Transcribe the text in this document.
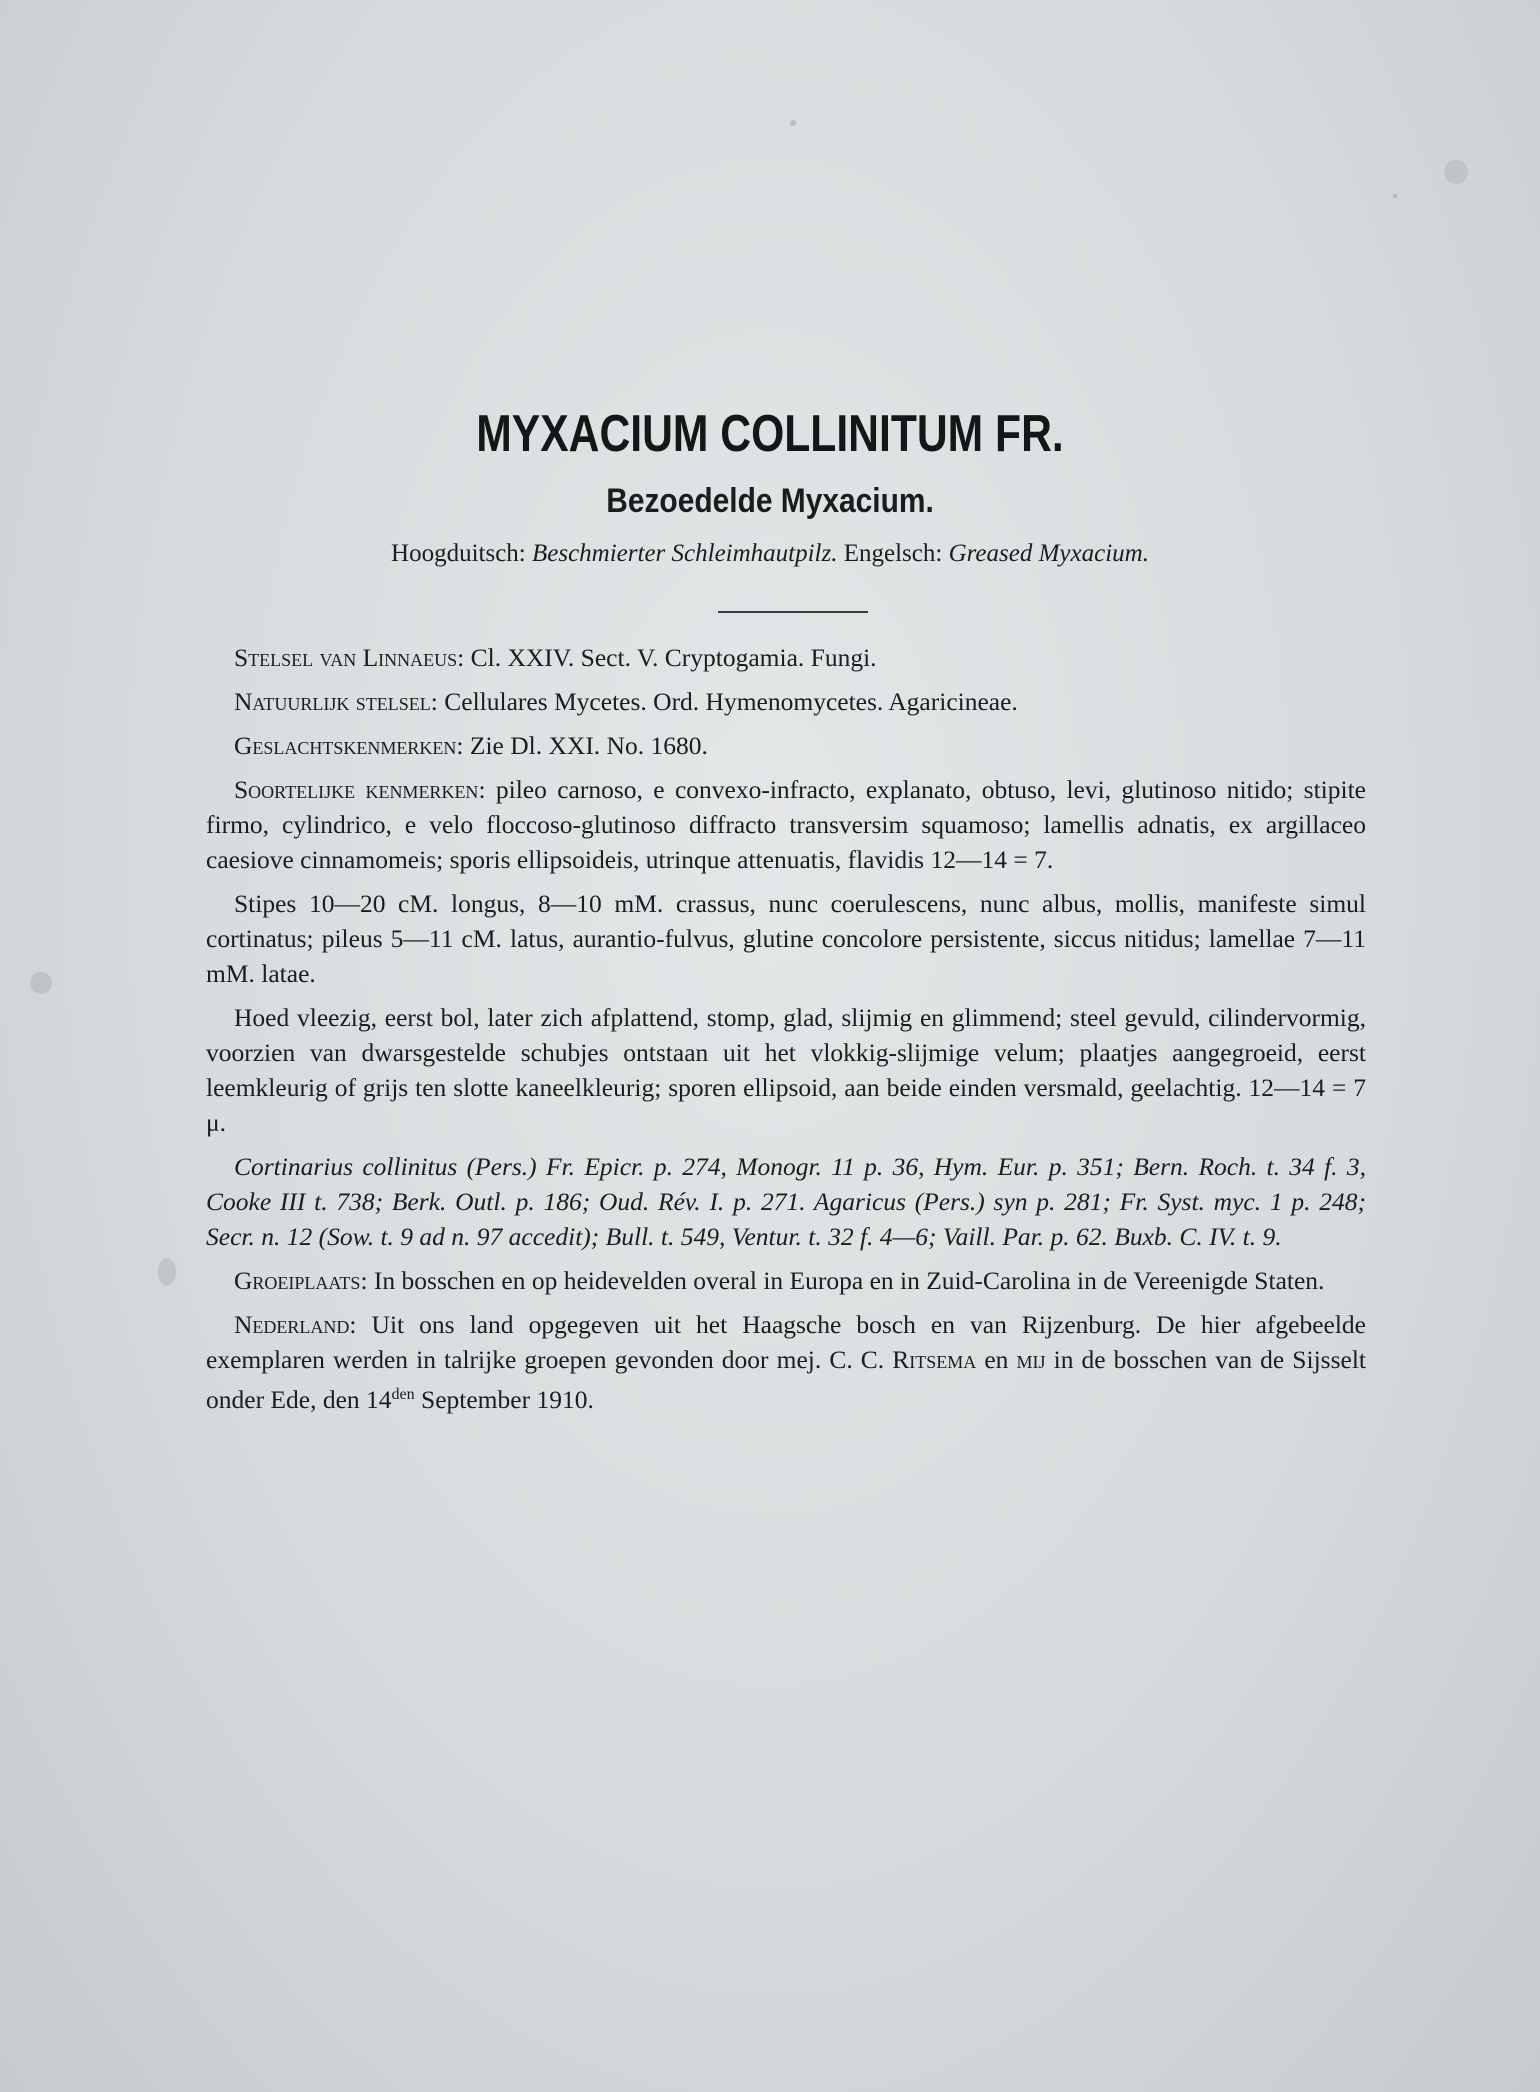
MYXACIUM COLLINITUM FR.
Bezoedelde Myxacium.
Hoogduitsch: Beschmierter Schleimhautpilz. Engelsch: Greased Myxacium.

Stelsel van Linnaeus: Cl. XXIV. Sect. V. Cryptogamia. Fungi.

Natuurlijk stelsel: Cellulares Mycetes. Ord. Hymenomycetes. Agaricineae.

Geslachtskenmerken: Zie Dl. XXI. No. 1680.

Soortelijke kenmerken: pileo carnoso, e convexo-infracto, explanato, obtuso, levi, glutinoso nitido; stipite firmo, cylindrico, e velo floccoso-glutinoso diffracto transversim squamoso; lamellis adnatis, ex argillaceo caesiove cinnamomeis; sporis ellipsoideis, utrinque attenuatis, flavidis 12—14 = 7.

Stipes 10—20 cM. longus, 8—10 mM. crassus, nunc coerulescens, nunc albus, mollis, manifeste simul cortinatus; pileus 5—11 cM. latus, aurantio-fulvus, glutine concolore persistente, siccus nitidus; lamellae 7—11 mM. latae.

Hoed vleezig, eerst bol, later zich afplattend, stomp, glad, slijmig en glimmend; steel gevuld, cilindervormig, voorzien van dwarsgestelde schubjes ontstaan uit het vlokkig-slijmige velum; plaatjes aangegroeid, eerst leemkleurig of grijs ten slotte kaneelkleurig; sporen ellipsoid, aan beide einden versmald, geelachtig. 12—14 = 7 μ.

Cortinarius collinitus (Pers.) Fr. Epicr. p. 274, Monogr. 11 p. 36, Hym. Eur. p. 351; Bern. Roch. t. 34 f. 3, Cooke III t. 738; Berk. Outl. p. 186; Oud. Rév. I. p. 271. Agaricus (Pers.) syn p. 281; Fr. Syst. myc. 1 p. 248; Secr. n. 12 (Sow. t. 9 ad n. 97 accedit); Bull. t. 549, Ventur. t. 32 f. 4—6; Vaill. Par. p. 62. Buxb. C. IV. t. 9.

Groeiplaats: In bosschen en op heidevelden overal in Europa en in Zuid-Carolina in de Vereenigde Staten.

Nederland: Uit ons land opgegeven uit het Haagsche bosch en van Rijzenburg. De hier afgebeelde exemplaren werden in talrijke groepen gevonden door mej. C. C. Ritsema en mij in de bosschen van de Sijsselt onder Ede, den $14^{den}$ September 1910.
